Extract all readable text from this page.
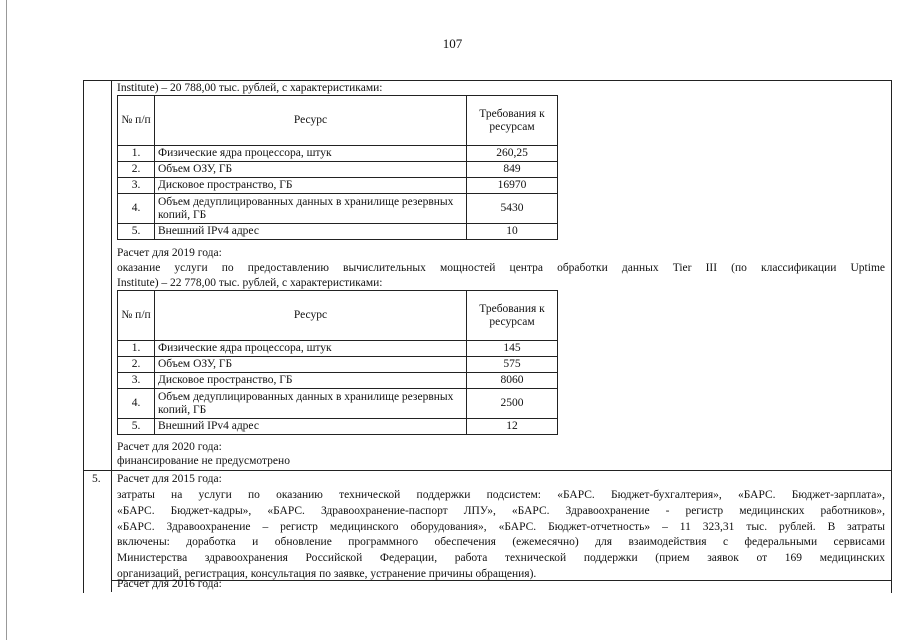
107
Institute) – 20 788,00 тыс. рублей, с характеристиками:
№ п/п	Ресурс	Требования к ресурсам
1.	Физические ядра процессора, штук	260,25
2.	Объем ОЗУ, ГБ	849
3.	Дисковое пространство, ГБ	16970
4.	Объем дедуплицированных данных в хранилище резервных копий, ГБ	5430
5.	Внешний IPv4 адрес	10
Расчет для 2019 года:
оказание услуги по предоставлению вычислительных мощностей центра обработки данных Tier III (по классификации Uptime
Institute) – 22 778,00 тыс. рублей, с характеристиками:
№ п/п	Ресурс	Требования к ресурсам
1.	Физические ядра процессора, штук	145
2.	Объем ОЗУ, ГБ	575
3.	Дисковое пространство, ГБ	8060
4.	Объем дедуплицированных данных в хранилище резервных копий, ГБ	2500
5.	Внешний IPv4 адрес	12
Расчет для 2020 года:
финансирование не предусмотрено
5. Расчет для 2015 года:
затраты на услуги по оказанию технической поддержки подсистем: «БАРС. Бюджет-бухгалтерия», «БАРС. Бюджет-зарплата»,
«БАРС. Бюджет-кадры», «БАРС. Здравоохранение-паспорт ЛПУ», «БАРС. Здравоохранение - регистр медицинских работников»,
«БАРС. Здравоохранение – регистр медицинского оборудования», «БАРС. Бюджет-отчетность» – 11 323,31 тыс. рублей. В затраты
включены: доработка и обновление программного обеспечения (ежемесячно) для взаимодействия с федеральными сервисами
Министерства здравоохранения Российской Федерации, работа технической поддержки (прием заявок от 169 медицинских
организаций, регистрация, консультация по заявке, устранение причины обращения).
Расчет для 2016 года:
